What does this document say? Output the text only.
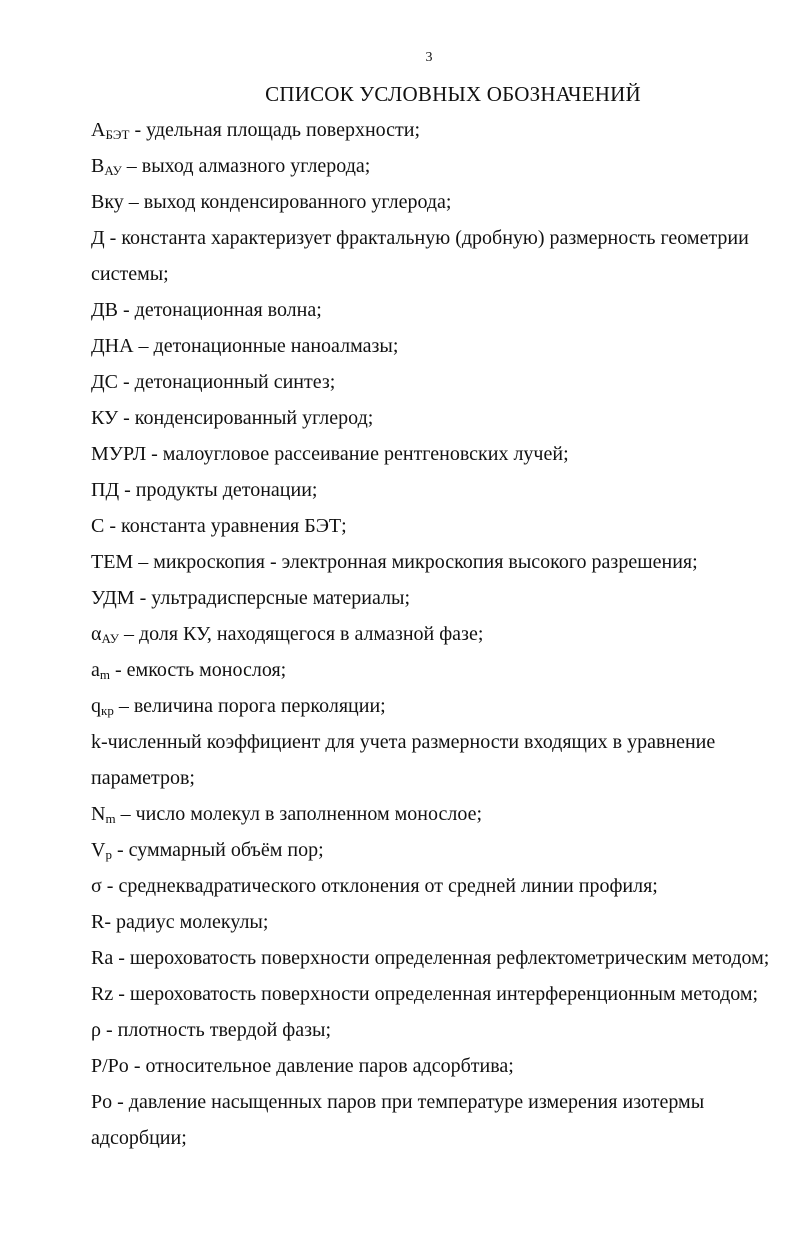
3
СПИСОК УСЛОВНЫХ ОБОЗНАЧЕНИЙ
$A_{БЭТ}$ - удельная площадь поверхности;
$B_{АУ}$ – выход алмазного углерода;
Вку – выход конденсированного углерода;
Д - константа характеризует фрактальную (дробную) размерность геометрии системы;
ДВ - детонационная волна;
ДНА – детонационные наноалмазы;
ДС - детонационный синтез;
КУ - конденсированный углерод;
МУРЛ - малоугловое рассеивание рентгеновских лучей;
ПД - продукты детонации;
С - константа уравнения БЭТ;
ТЕМ – микроскопия - электронная микроскопия высокого разрешения;
УДМ - ультрадисперсные материалы;
$\alpha_{АУ}$ – доля КУ, находящегося в алмазной фазе;
$a_m$ - емкость монослоя;
$q_{кр}$ – величина порога перколяции;
k-численный коэффициент для учета размерности входящих в уравнение параметров;
$N_m$ – число молекул в заполненном монослое;
$V_p$ - суммарный объём пор;
σ - среднеквадратического отклонения от средней линии профиля;
R- радиус молекулы;
Ra - шероховатость поверхности определенная рефлектометрическим методом;
Rz - шероховатость поверхности определенная интерференционным методом;
ρ - плотность твердой фазы;
P/Po - относительное давление паров адсорбтива;
Po - давление насыщенных паров при температуре измерения изотермы адсорбции;
